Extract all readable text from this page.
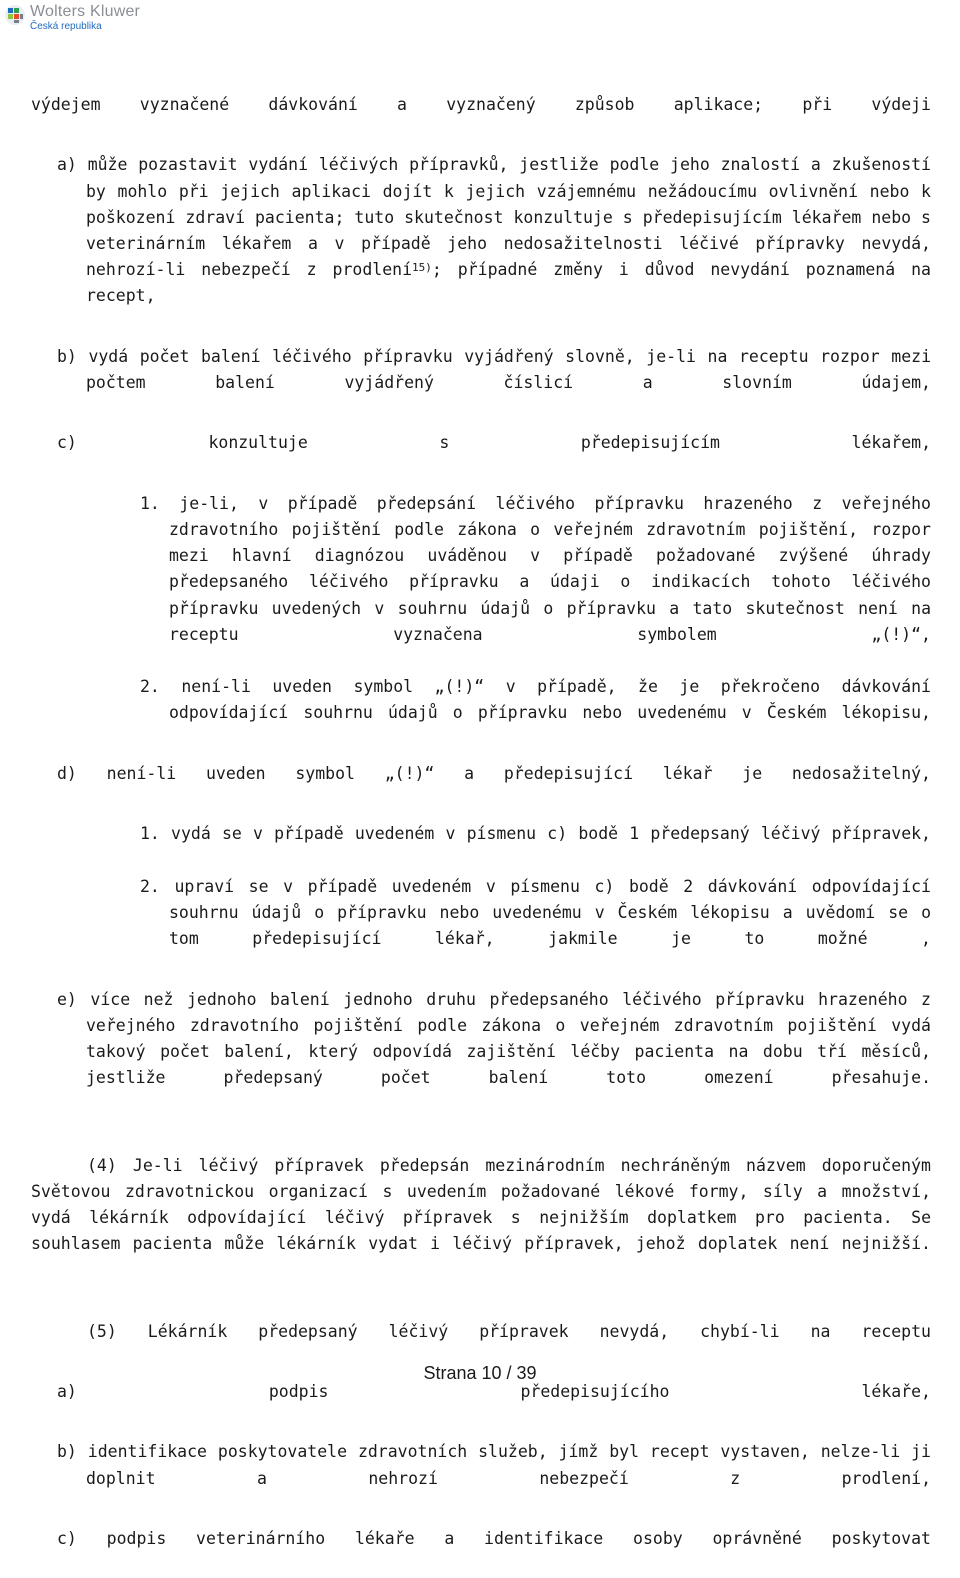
Wolters Kluwer
Česká republika
výdejem vyznačené dávkování a vyznačený způsob aplikace; při výdeji
a) může pozastavit vydání léčivých přípravků, jestliže podle jeho znalostí a zkušeností by mohlo při jejich aplikaci dojít k jejich vzájemnému nežádoucímu ovlivnění nebo k poškození zdraví pacienta; tuto skutečnost konzultuje s předepisujícím lékařem nebo s veterinárním lékařem a v případě jeho nedosažitelnosti léčivé přípravky nevydá, nehrozí-li nebezpečí z prodlení$^{15)}$; případné změny i důvod nevydání poznamená na recept,
b) vydá počet balení léčivého přípravku vyjádřený slovně, je-li na receptu rozpor mezi počtem balení vyjádřený číslicí a slovním údajem,
c) konzultuje s předepisujícím lékařem,
1. je-li, v případě předepsání léčivého přípravku hrazeného z veřejného zdravotního pojištění podle zákona o veřejném zdravotním pojištění, rozpor mezi hlavní diagnózou uváděnou v případě požadované zvýšené úhrady předepsaného léčivého přípravku a údaji o indikacích tohoto léčivého přípravku uvedených v souhrnu údajů o přípravku a tato skutečnost není na receptu vyznačena symbolem „(!)“,
2. není-li uveden symbol „(!)“ v případě, že je překročeno dávkování odpovídající souhrnu údajů o přípravku nebo uvedenému v Českém lékopisu,
d) není-li uveden symbol „(!)“ a předepisující lékař je nedosažitelný,
1. vydá se v případě uvedeném v písmenu c) bodě 1 předepsaný léčivý přípravek,
2. upraví se v případě uvedeném v písmenu c) bodě 2 dávkování odpovídající souhrnu údajů o přípravku nebo uvedenému v Českém lékopisu a uvědomí se o tom předepisující lékař, jakmile je to možné ,
e) více než jednoho balení jednoho druhu předepsaného léčivého přípravku hrazeného z veřejného zdravotního pojištění podle zákona o veřejném zdravotním pojištění vydá takový počet balení, který odpovídá zajištění léčby pacienta na dobu tří měsíců, jestliže předepsaný počet balení toto omezení přesahuje.
(4) Je-li léčivý přípravek předepsán mezinárodním nechráněným názvem doporučeným Světovou zdravotnickou organizací s uvedením požadované lékové formy, síly a množství, vydá lékárník odpovídající léčivý přípravek s nejnižším doplatkem pro pacienta. Se souhlasem pacienta může lékárník vydat i léčivý přípravek, jehož doplatek není nejnižší.
(5) Lékárník předepsaný léčivý přípravek nevydá, chybí-li na receptu
a) podpis předepisujícího lékaře,
b) identifikace poskytovatele zdravotních služeb, jímž byl recept vystaven, nelze-li ji doplnit a nehrozí nebezpečí z prodlení,
c) podpis veterinárního lékaře a identifikace osoby oprávněné poskytovat
Strana 10 / 39
